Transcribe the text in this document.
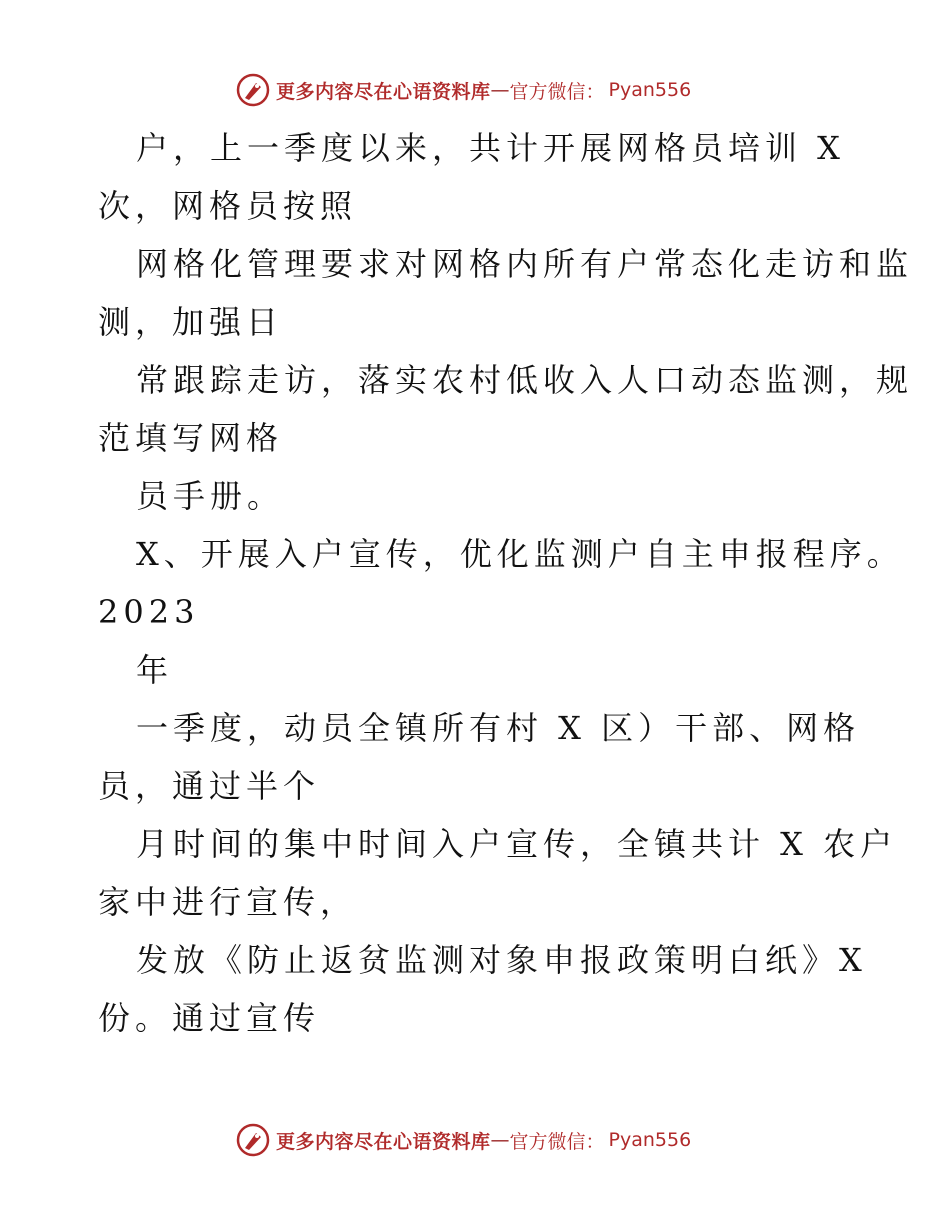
更多内容尽在心语资料库 — 官方微信： Pyan556
户，上一季度以来，共计开展网格员培训 X
次，网格员按照
网格化管理要求对网格内所有户常态化走访和监
测，加强日
常跟踪走访，落实农村低收入人口动态监测，规
范填写网格
员手册。
X、开展入户宣传，优化监测户自主申报程序。
2023
年
一季度，动员全镇所有村 X 区）干部、网格
员，通过半个
月时间的集中时间入户宣传，全镇共计 X 农户
家中进行宣传，
发放《防止返贫监测对象申报政策明白纸》X
份。通过宣传
更多内容尽在心语资料库 — 官方微信： Pyan556
